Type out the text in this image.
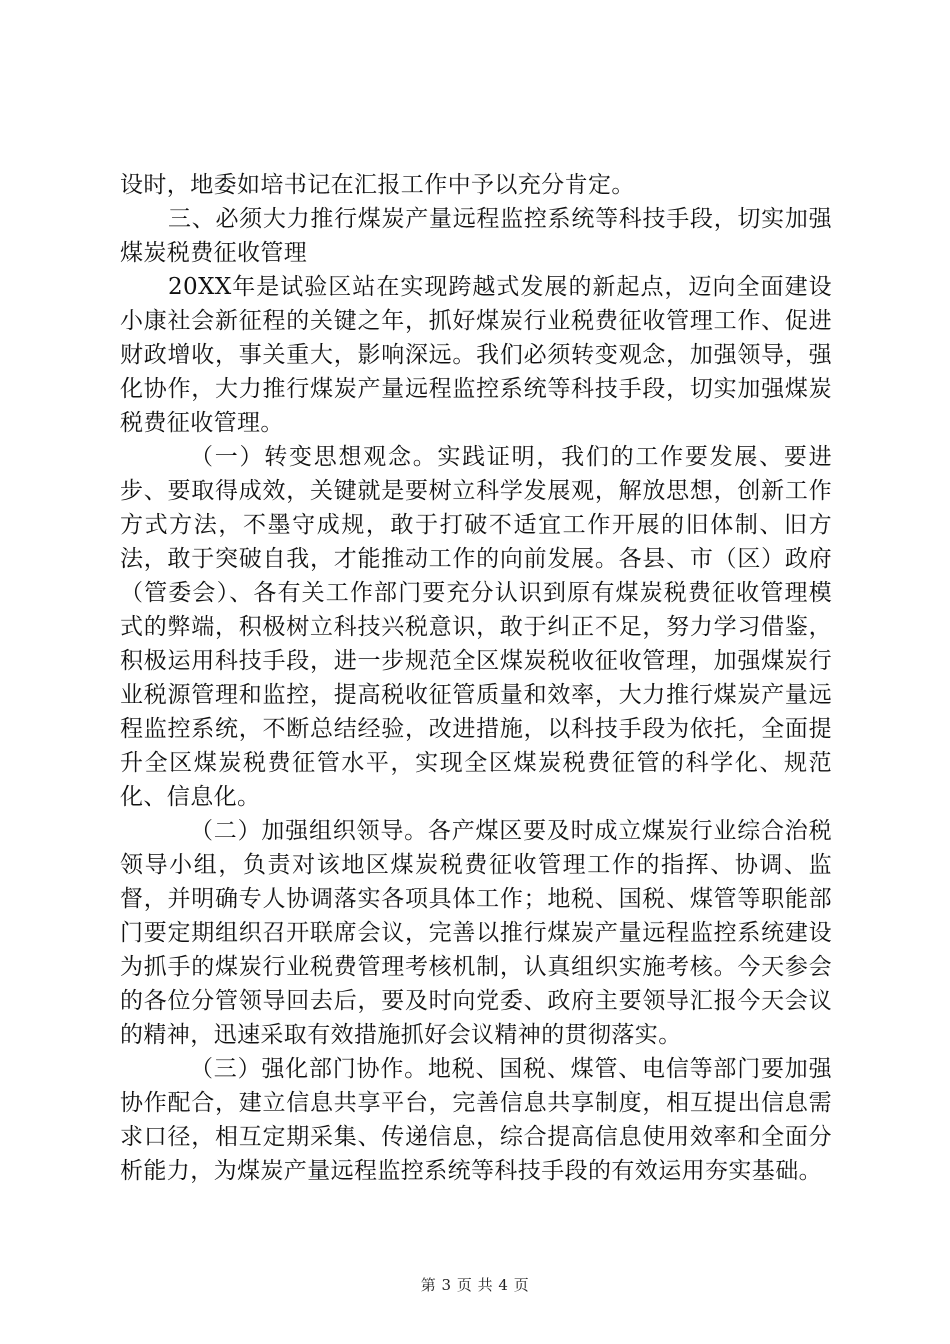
设时，地委如培书记在汇报工作中予以充分肯定。

三、必须大力推行煤炭产量远程监控系统等科技手段，切实加强煤炭税费征收管理

20XX年是试验区站在实现跨越式发展的新起点，迈向全面建设小康社会新征程的关键之年，抓好煤炭行业税费征收管理工作、促进财政增收，事关重大，影响深远。我们必须转变观念，加强领导，强化协作，大力推行煤炭产量远程监控系统等科技手段，切实加强煤炭税费征收管理。

（一）转变思想观念。实践证明，我们的工作要发展、要进步、要取得成效，关键就是要树立科学发展观，解放思想，创新工作方式方法，不墨守成规，敢于打破不适宜工作开展的旧体制、旧方法，敢于突破自我，才能推动工作的向前发展。各县、市（区）政府（管委会）、各有关工作部门要充分认识到原有煤炭税费征收管理模式的弊端，积极树立科技兴税意识，敢于纠正不足，努力学习借鉴，积极运用科技手段，进一步规范全区煤炭税收征收管理，加强煤炭行业税源管理和监控，提高税收征管质量和效率，大力推行煤炭产量远程监控系统，不断总结经验，改进措施，以科技手段为依托，全面提升全区煤炭税费征管水平，实现全区煤炭税费征管的科学化、规范化、信息化。

（二）加强组织领导。各产煤区要及时成立煤炭行业综合治税领导小组，负责对该地区煤炭税费征收管理工作的指挥、协调、监督，并明确专人协调落实各项具体工作；地税、国税、煤管等职能部门要定期组织召开联席会议，完善以推行煤炭产量远程监控系统建设为抓手的煤炭行业税费管理考核机制，认真组织实施考核。今天参会的各位分管领导回去后，要及时向党委、政府主要领导汇报今天会议的精神，迅速采取有效措施抓好会议精神的贯彻落实。

（三）强化部门协作。地税、国税、煤管、电信等部门要加强协作配合，建立信息共享平台，完善信息共享制度，相互提出信息需求口径，相互定期采集、传递信息，综合提高信息使用效率和全面分析能力，为煤炭产量远程监控系统等科技手段的有效运用夯实基础。

第 3 页 共 4 页
